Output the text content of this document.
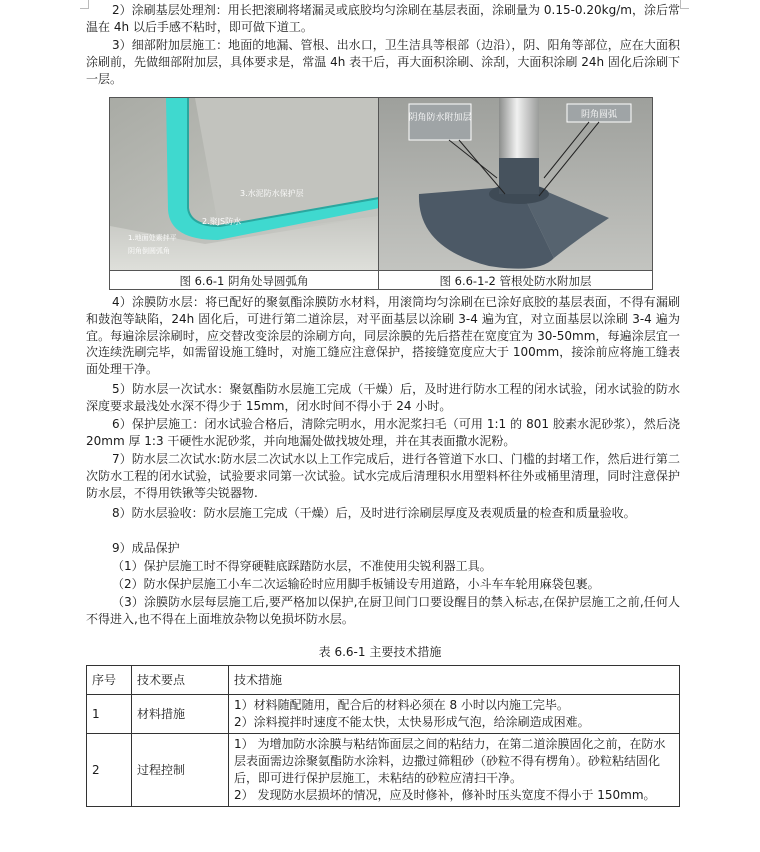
2）涂刷基层处理剂：用长把滚刷将堵漏灵或底胶均匀涂刷在基层表面，涂刷量为 0.15-0.20kg/m，涂后常温在 4h 以后手感不粘时，即可做下道工。

3）细部附加层施工：地面的地漏、管根、出水口，卫生洁具等根部（边沿），阴、阳角等部位，应在大面积涂刷前，先做细部附加层，具体要求是，常温 4h 表干后，再大面积涂刷、涂刮，大面积涂刷 24h 固化后涂刷下一层。

3.水泥防水保护层
2.聚JS防水
1.地面处素拌平
阴角倒圆弧角
阴角防水附加层	阴角圆弧
图 6.6-1 阴角处导圆弧角	图 6.6-1-2 管根处防水附加层

4）涂膜防水层：将已配好的聚氨酯涂膜防水材料，用滚筒均匀涂刷在已涂好底胶的基层表面，不得有漏刷和鼓泡等缺陷，24h 固化后，可进行第二道涂层，对平面基层以涂刷 3-4 遍为宜，对立面基层以涂刷 3-4 遍为宜。每遍涂层涂刷时，应交替改变涂层的涂刷方向，同层涂膜的先后搭茬在宽度宜为 30-50mm，每遍涂层宜一次连续洗刷完毕，如需留设施工缝时，对施工缝应注意保护，搭接缝宽度应大于 100mm，接涂前应将施工缝表面处理干净。

5）防水层一次试水：聚氨酯防水层施工完成（干燥）后，及时进行防水工程的闭水试验，闭水试验的防水深度要求最浅处水深不得少于 15mm，闭水时间不得小于 24 小时。

6）保护层施工：闭水试验合格后，清除完明水，用水泥浆扫毛（可用 1:1 的 801 胶素水泥砂浆），然后浇 20mm 厚 1:3 干硬性水泥砂浆，并向地漏处做找坡处理，并在其表面撒水泥粉。

7）防水层二次试水:防水层二次试水以上工作完成后，进行各管道下水口、门槛的封堵工作，然后进行第二次防水工程的闭水试验，试验要求同第一次试验。试水完成后清理积水用塑料杯往外或桶里清理，同时注意保护防水层，不得用铁锹等尖锐器物.

8）防水层验收：防水层施工完成（干燥）后，及时进行涂刷层厚度及表观质量的检查和质量验收。

9）成品保护

（1）保护层施工时不得穿硬鞋底踩踏防水层，不准使用尖锐利器工具。

（2）防水保护层施工小车二次运输砼时应用脚手板铺设专用道路，小斗车车轮用麻袋包裹。

（3）涂膜防水层每层施工后,要严格加以保护,在厨卫间门口要设醒目的禁入标志,在保护层施工之前,任何人不得进入,也不得在上面堆放杂物以免损坏防水层。

表 6.6-1 主要技术措施
序号	技术要点	技术措施
1	材料措施	1）材料随配随用，配合后的材料必须在 8 小时以内施工完毕。
2）涂料搅拌时速度不能太快，太快易形成气泡，给涂刷造成困难。

2	过程控制	1） 为增加防水涂膜与粘结饰面层之间的粘结力，在第二道涂膜固化之前，在防水层表面需边涂聚氨酯防水涂料，边撒过筛粗砂（砂粒不得有楞角）。砂粒粘结固化后，即可进行保护层施工，未粘结的砂粒应清扫干净。
2） 发现防水层损坏的情况，应及时修补，修补时压头宽度不得小于 150mm。
